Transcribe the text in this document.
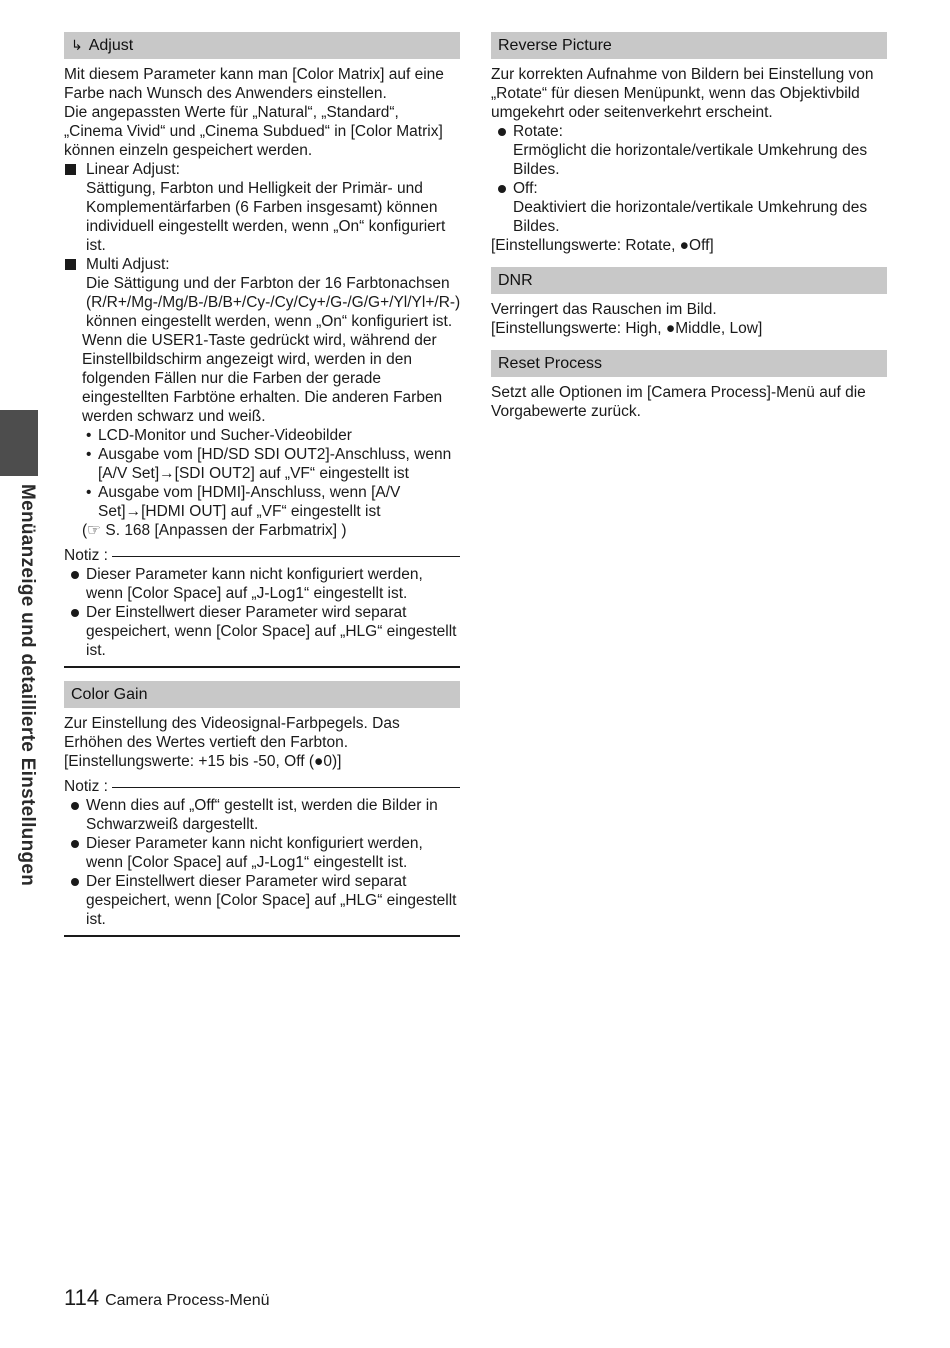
Menüanzeige und detaillierte Einstellungen
↳ Adjust

Mit diesem Parameter kann man [Color Matrix] auf eine Farbe nach Wunsch des Anwenders einstellen.

Die angepassten Werte für „Natural“, „Standard“, „Cinema Vivid“ und „Cinema Subdued“ in [Color Matrix] können einzeln gespeichert werden.

Linear Adjust:
Sättigung, Farbton und Helligkeit der Primär- und Komplementärfarben (6 Farben insgesamt) können individuell eingestellt werden, wenn „On“ konfiguriert ist.
Multi Adjust:
Die Sättigung und der Farbton der 16 Farbtonachsen (R/R+/Mg-/Mg/B-/B/B+/Cy-/Cy/Cy+/G-/G/G+/Yl/Yl+/R-) können eingestellt werden, wenn „On“ konfiguriert ist.
Wenn die USER1-Taste gedrückt wird, während der Einstellbildschirm angezeigt wird, werden in den folgenden Fällen nur die Farben der gerade eingestellten Farbtöne erhalten. Die anderen Farben werden schwarz und weiß.
• LCD-Monitor und Sucher-Videobilder
• Ausgabe vom [HD/SD SDI OUT2]-Anschluss, wenn [A/V Set]→[SDI OUT2] auf „VF“ eingestellt ist
• Ausgabe vom [HDMI]-Anschluss, wenn [A/V Set]→[HDMI OUT] auf „VF“ eingestellt ist
(☞ S. 168 [Anpassen der Farbmatrix] )
Notiz :
Dieser Parameter kann nicht konfiguriert werden, wenn [Color Space] auf „J-Log1“ eingestellt ist.
Der Einstellwert dieser Parameter wird separat gespeichert, wenn [Color Space] auf „HLG“ eingestellt ist.
Color Gain

Zur Einstellung des Videosignal-Farbpegels. Das Erhöhen des Wertes vertieft den Farbton.

[Einstellungswerte: +15 bis -50, Off (●0)]

Notiz :
Wenn dies auf „Off“ gestellt ist, werden die Bilder in Schwarzweiß dargestellt.
Dieser Parameter kann nicht konfiguriert werden, wenn [Color Space] auf „J-Log1“ eingestellt ist.
Der Einstellwert dieser Parameter wird separat gespeichert, wenn [Color Space] auf „HLG“ eingestellt ist.
Reverse Picture

Zur korrekten Aufnahme von Bildern bei Einstellung von „Rotate“ für diesen Menüpunkt, wenn das Objektivbild umgekehrt oder seitenverkehrt erscheint.

Rotate:
Ermöglicht die horizontale/vertikale Umkehrung des Bildes.
Off:
Deaktiviert die horizontale/vertikale Umkehrung des Bildes.

[Einstellungswerte: Rotate, ●Off]

DNR

Verringert das Rauschen im Bild.

[Einstellungswerte: High, ●Middle, Low]

Reset Process

Setzt alle Optionen im [Camera Process]-Menü auf die Vorgabewerte zurück.

114 Camera Process-Menü
